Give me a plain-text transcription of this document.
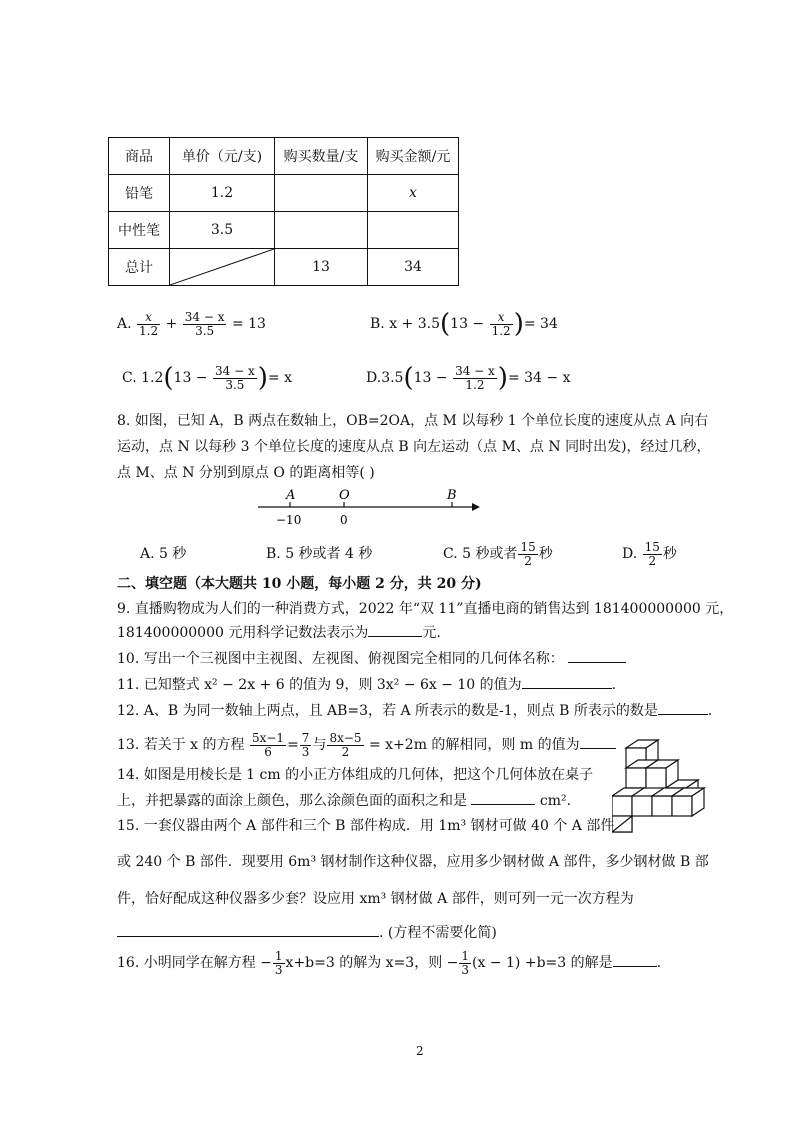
商品	单价（元/支)	购买数量/支	购买金额/元
铅笔	1.2		x
中性笔	3.5		
总计		13	34
A. $\frac{x}{1.2} + \frac{34 - x}{3.5} = 13$	B. $x + 3.5(13 - \frac{x}{1.2}$ )= 34
C. $1.2(13 - \frac{34 - x}{3.5}$ )= x	$D.3.5(13 - \frac{34 - x}{1.2}$ )= 34 − x
8. 如图，已知 A，B 两点在数轴上，OB=2OA，点 M 以每秒 1 个单位长度的速度从点 A 向右
运动，点 N 以每秒 3 个单位长度的速度从点 B 向左运动（点 M、点 N 同时出发)，经过几秒，
点 M、点 N 分别到原点 O 的距离相等( )
A	O	B
−10	0
A. 5 秒	B. 5 秒或者 4 秒	C. 5 秒或者 $\frac{15}{2}$ 秒	D. $\frac{15}{2}$ 秒
二、填空题（本大题共 10 小题，每小题 2 分，共 20 分)
9. 直播购物成为人们的一种消费方式，2022 年“双 11”直播电商的销售达到 181400000000 元，
181400000000 元用科学记数法表示为	元.
10. 写出一个三视图中主视图、左视图、俯视图完全相同的几何体名称：
11. 已知整式 x² − 2x + 6 的值为 9，则 3x² − 6x − 10 的值为	.
12. A、B 为同一数轴上两点，且 AB=3，若 A 所表示的数是-1，则点 B 所表示的数是	.
13. 若关于 x 的方程 $\frac{5x-1}{6} = \frac{7}{3}$ 与 $\frac{8x-5}{2} = x+2m$ 的解相同，则 m 的值为
14. 如图是用棱长是 1 cm 的小正方体组成的几何体，把这个几何体放在桌子
上，并把暴露的面涂上颜色，那么涂颜色面的面积之和是	cm².
15. 一套仪器由两个 A 部件和三个 B 部件构成．用 1m³ 钢材可做 40 个 A 部件
或 240 个 B 部件．现要用 6m³ 钢材制作这种仪器，应用多少钢材做 A 部件，多少钢材做 B 部
件，恰好配成这种仪器多少套？设应用 xm³ 钢材做 A 部件，则可列一元一次方程为
. (方程不需要化简)
16. 小明同学在解方程 − $\frac{1}{3} x+b=3$ 的解为 x=3，则 − $\frac{1}{3} (x - 1) +b=3$ 的解是	.
2
